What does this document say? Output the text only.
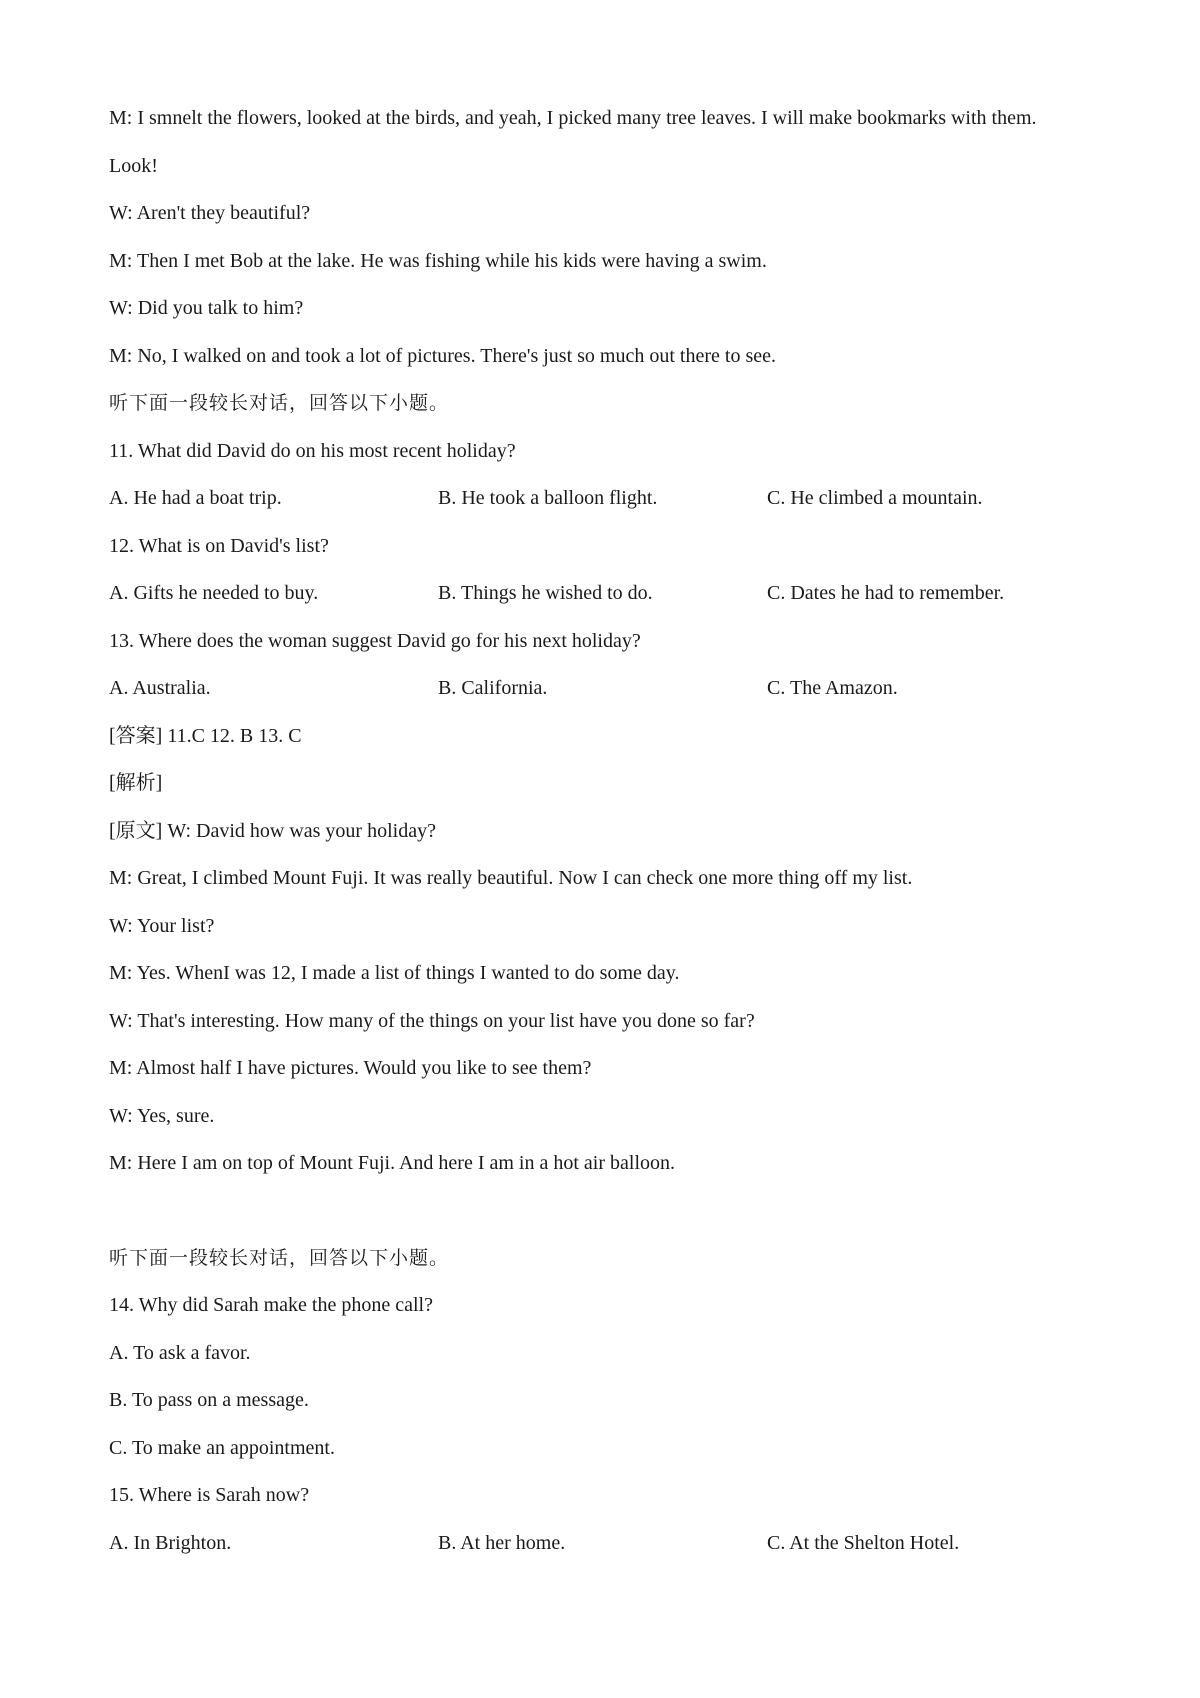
M: I smnelt the flowers, looked at the birds, and yeah, I picked many tree leaves. I will make bookmarks with them.
Look!
W: Aren't they beautiful?
M: Then I met Bob at the lake. He was fishing while his kids were having a swim.
W: Did you talk to him?
M: No, I walked on and took a lot of pictures. There's just so much out there to see.
听下面一段较长对话，回答以下小题。
11. What did David do on his most recent holiday?
A. He had a boat trip.	B. He took a balloon flight.	C. He climbed a mountain.
12. What is on David's list?
A. Gifts he needed to buy.	B. Things he wished to do.	C. Dates he had to remember.
13. Where does the woman suggest David go for his next holiday?
A. Australia.	B. California.	C. The Amazon.
[答案] 11.C 12. B 13. C
[解析]
[原文] W: David how was your holiday?
M: Great, I climbed Mount Fuji. It was really beautiful. Now I can check one more thing off my list.
W: Your list?
M: Yes. WhenI was 12, I made a list of things I wanted to do some day.
W: That's interesting. How many of the things on your list have you done so far?
M: Almost half I have pictures. Would you like to see them?
W: Yes, sure.
M: Here I am on top of Mount Fuji. And here I am in a hot air balloon.
听下面一段较长对话，回答以下小题。
14. Why did Sarah make the phone call?
A. To ask a favor.
B. To pass on a message.
C. To make an appointment.
15. Where is Sarah now?
A. In Brighton.	B. At her home.	C. At the Shelton Hotel.
